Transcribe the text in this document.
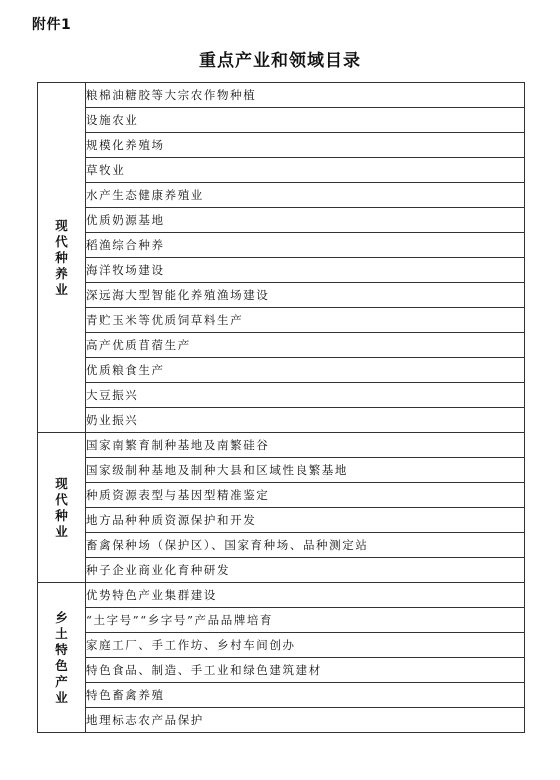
附件1
重点产业和领域目录
现代种养业	粮棉油糖胶等大宗农作物种植
	设施农业
	规模化养殖场
	草牧业
	水产生态健康养殖业
	优质奶源基地
	稻渔综合种养
	海洋牧场建设
	深远海大型智能化养殖渔场建设
	青贮玉米等优质饲草料生产
	高产优质苜蓿生产
	优质粮食生产
	大豆振兴
	奶业振兴
现代种业	国家南繁育制种基地及南繁硅谷
	国家级制种基地及制种大县和区域性良繁基地
	种质资源表型与基因型精准鉴定
	地方品种种质资源保护和开发
	畜禽保种场（保护区）、国家育种场、品种测定站
	种子企业商业化育种研发
乡土特色产业	优势特色产业集群建设
	“土字号”“乡字号”产品品牌培育
	家庭工厂、手工作坊、乡村车间创办
	特色食品、制造、手工业和绿色建筑建材
	特色畜禽养殖
	地理标志农产品保护
